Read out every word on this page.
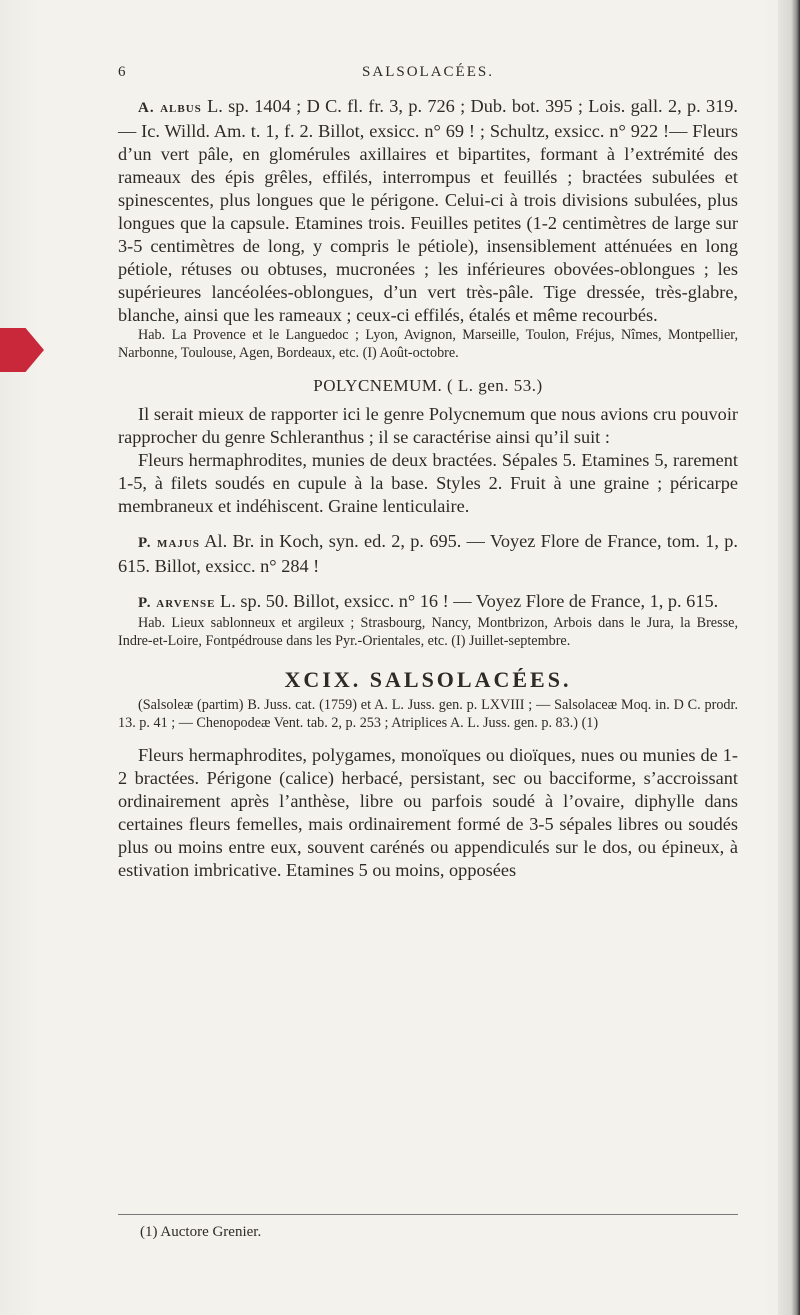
6	SALSOLACÉES.

A. albus L. sp. 1404 ; D C. fl. fr. 3, p. 726 ; Dub. bot. 395 ; Lois. gall. 2, p. 319. — Ic. Willd. Am. t. 1, f. 2. Billot, exsicc. n° 69 ! ; Schultz, exsicc. n° 922 !— Fleurs d’un vert pâle, en glomérules axillaires et bipartites, formant à l’extrémité des rameaux des épis grêles, effilés, interrompus et feuillés ; bractées subulées et spinescentes, plus longues que le périgone. Celui-ci à trois divisions subulées, plus longues que la capsule. Etamines trois. Feuilles petites (1-2 centimètres de large sur 3-5 centimètres de long, y compris le pétiole), insensiblement atténuées en long pétiole, rétuses ou obtuses, mucronées ; les inférieures obovées-oblongues ; les supérieures lancéolées-oblongues, d’un vert très-pâle. Tige dressée, très-glabre, blanche, ainsi que les rameaux ; ceux-ci effilés, étalés et même recourbés.

Hab. La Provence et le Languedoc ; Lyon, Avignon, Marseille, Toulon, Fréjus, Nîmes, Montpellier, Narbonne, Toulouse, Agen, Bordeaux, etc. (I) Août-octobre.

POLYCNEMUM. ( L. gen. 53.)

Il serait mieux de rapporter ici le genre Polycnemum que nous avions cru pouvoir rapprocher du genre Schleranthus ; il se caractérise ainsi qu’il suit :

Fleurs hermaphrodites, munies de deux bractées. Sépales 5. Etamines 5, rarement 1-5, à filets soudés en cupule à la base. Styles 2. Fruit à une graine ; péricarpe membraneux et indéhiscent. Graine lenticulaire.

P. majus Al. Br. in Koch, syn. ed. 2, p. 695. — Voyez Flore de France, tom. 1, p. 615. Billot, exsicc. n° 284 !

P. arvense L. sp. 50. Billot, exsicc. n° 16 ! — Voyez Flore de France, 1, p. 615.

Hab. Lieux sablonneux et argileux ; Strasbourg, Nancy, Montbrizon, Arbois dans le Jura, la Bresse, Indre-et-Loire, Fontpédrouse dans les Pyr.-Orientales, etc. (I) Juillet-septembre.

XCIX. SALSOLACÉES.

(Salsoleæ (partim) B. Juss. cat. (1759) et A. L. Juss. gen. p. LXVIII ; — Salsolaceæ Moq. in. D C. prodr. 13. p. 41 ; — Chenopodeæ Vent. tab. 2, p. 253 ; Atriplices A. L. Juss. gen. p. 83.) (1)

Fleurs hermaphrodites, polygames, monoïques ou dioïques, nues ou munies de 1-2 bractées. Périgone (calice) herbacé, persistant, sec ou bacciforme, s’accroissant ordinairement après l’anthèse, libre ou parfois soudé à l’ovaire, diphylle dans certaines fleurs femelles, mais ordinairement formé de 3-5 sépales libres ou soudés plus ou moins entre eux, souvent carénés ou appendiculés sur le dos, ou épineux, à estivation imbricative. Etamines 5 ou moins, opposées

(1) Auctore Grenier.
